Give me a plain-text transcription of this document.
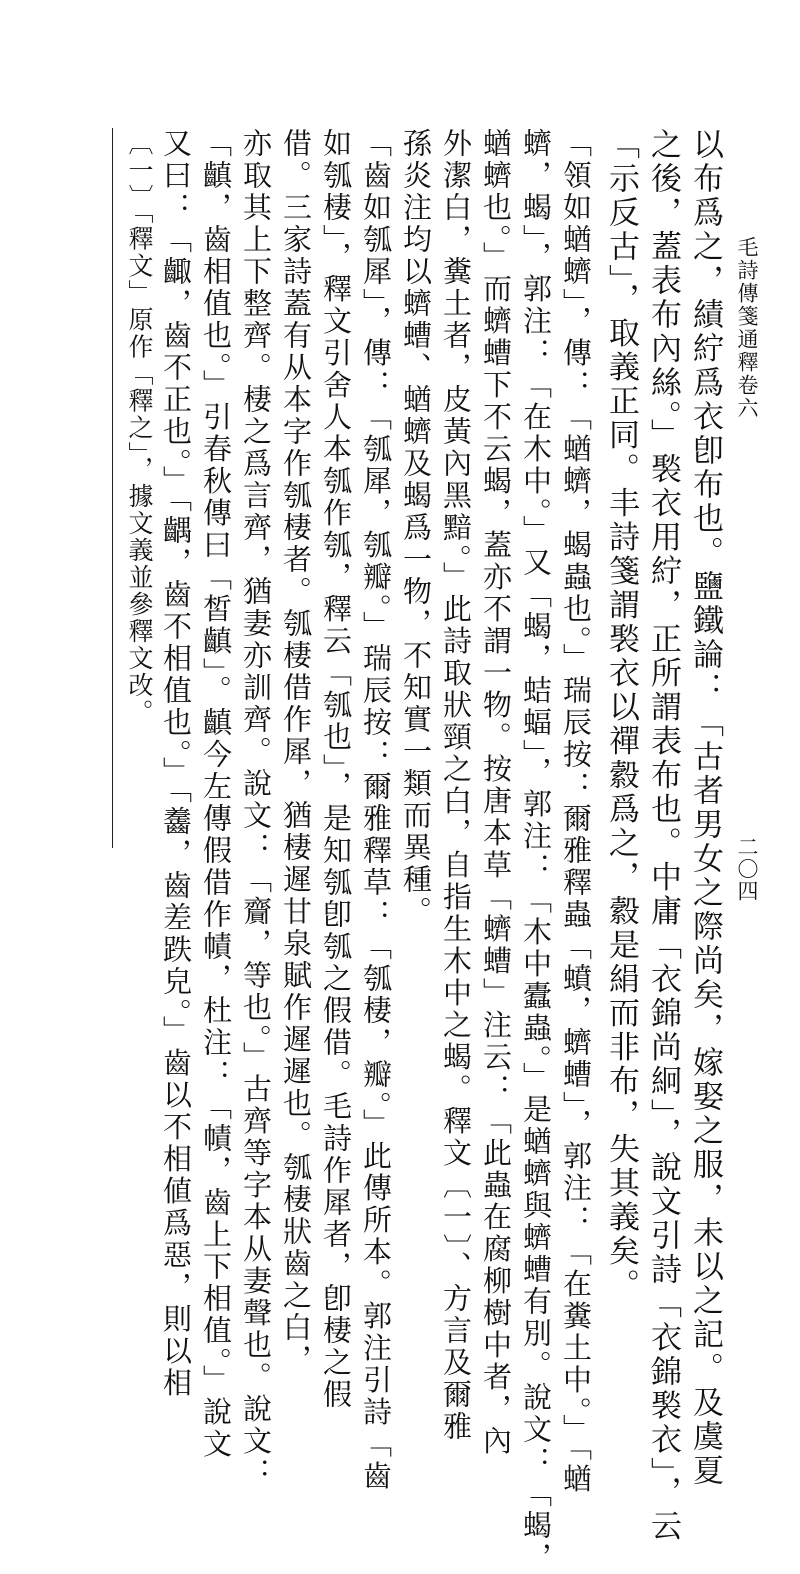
毛詩傳箋通釋卷六
二〇四
以布爲之，績紵爲衣卽布也。鹽鐵論：「古者男女之際尚矣，嫁娶之服，未以之記。及虞夏
之後，蓋表布內絲。」褧衣用紵，正所謂表布也。中庸「衣錦尚絅」，說文引詩「衣錦褧衣」，云
「示反古」，取義正同。丰詩箋謂褧衣以禪縠爲之，縠是絹而非布，失其義矣。
「領如蝤蠐」，傳：「蝤蠐，蝎蟲也。」瑞辰按：爾雅釋蟲「蟦，蠐螬」，郭注：「在糞土中。」「蝤
蠐，蝎」，郭注：「在木中。」又「蝎，蛣蝠」，郭注：「木中蠹蟲。」是蝤蠐與蠐螬有別。說文：「蝎，
蝤蠐也。」而蠐螬下不云蝎，蓋亦不謂一物。按唐本草「蠐螬」注云：「此蟲在腐柳樹中者，內
外潔白，糞土者，皮黃內黑黯。」此詩取狀頸之白，自指生木中之蝎。釋文〔一〕、方言及爾雅
孫炎注均以蠐螬、蝤蠐及蝎爲一物，不知實一類而異種。
「齒如瓠犀」，傳：「瓠犀，瓠瓣。」瑞辰按：爾雅釋草：「瓠棲，瓣。」此傳所本。郭注引詩「齒
如瓠棲」，釋文引舍人本瓠作瓠，釋云「瓠也」，是知瓠卽瓠之假借。毛詩作犀者，卽棲之假
借。三家詩蓋有从本字作瓠棲者。瓠棲借作犀，猶棲遲甘泉賦作遲遲也。瓠棲狀齒之白，
亦取其上下整齊。棲之爲言齊，猶妻亦訓齊。說文：「齎，等也。」古齊等字本从妻聲也。說文：
「齻，齒相值也。」引春秋傳曰「皙齻」。齻今左傳假借作幘，杜注：「幘，齒上下相值。」說文
又曰：「齱，齒不正也。」「齵，齒不相值也。」「齹，齒差跌皃。」齒以不相値爲惡，則以相
〔一〕「釋文」原作「釋之」，據文義並參釋文改。
